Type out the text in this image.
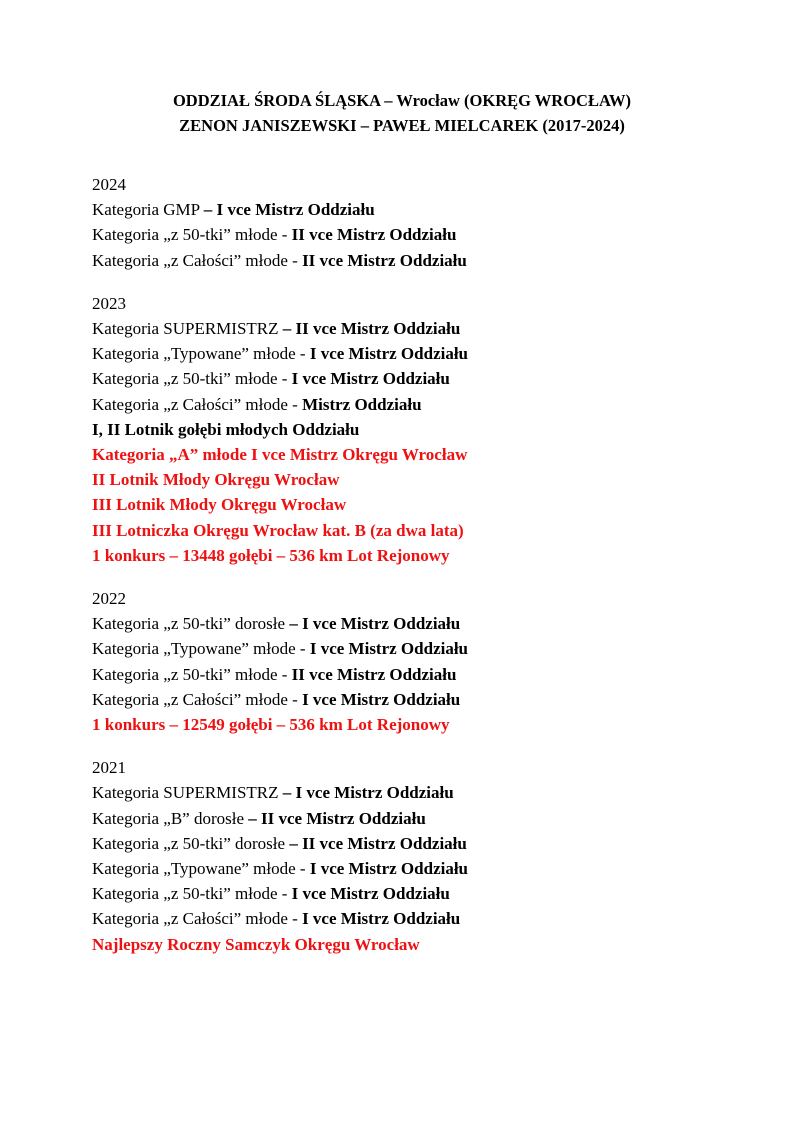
ODDZIAŁ ŚRODA ŚLĄSKA – Wrocław (OKRĘG WROCŁAW)
ZENON JANISZEWSKI – PAWEŁ MIELCAREK (2017-2024)
2024
Kategoria GMP – I vce Mistrz Oddziału
Kategoria „z 50-tki” młode - II vce Mistrz Oddziału
Kategoria „z Całości” młode - II vce Mistrz Oddziału
2023
Kategoria SUPERMISTRZ – II vce Mistrz Oddziału
Kategoria „Typowane” młode - I vce Mistrz Oddziału
Kategoria „z 50-tki” młode - I vce Mistrz Oddziału
Kategoria „z Całości” młode - Mistrz Oddziału
I, II Lotnik gołębi młodych Oddziału
Kategoria „A” młode I vce Mistrz Okręgu Wrocław
II Lotnik Młody Okręgu Wrocław
III Lotnik Młody Okręgu Wrocław
III Lotniczka Okręgu Wrocław kat. B (za dwa lata)
1 konkurs – 13448 gołębi – 536 km Lot Rejonowy
2022
Kategoria „z 50-tki” dorosłe – I vce Mistrz Oddziału
Kategoria „Typowane” młode - I vce Mistrz Oddziału
Kategoria „z 50-tki” młode - II vce Mistrz Oddziału
Kategoria „z Całości” młode - I vce Mistrz Oddziału
1 konkurs – 12549 gołębi – 536 km Lot Rejonowy
2021
Kategoria SUPERMISTRZ – I vce Mistrz Oddziału
Kategoria „B” dorosłe – II vce Mistrz Oddziału
Kategoria „z 50-tki” dorosłe – II vce Mistrz Oddziału
Kategoria „Typowane” młode - I vce Mistrz Oddziału
Kategoria „z 50-tki” młode - I vce Mistrz Oddziału
Kategoria „z Całości” młode - I vce Mistrz Oddziału
Najlepszy Roczny Samczyk Okręgu Wrocław
